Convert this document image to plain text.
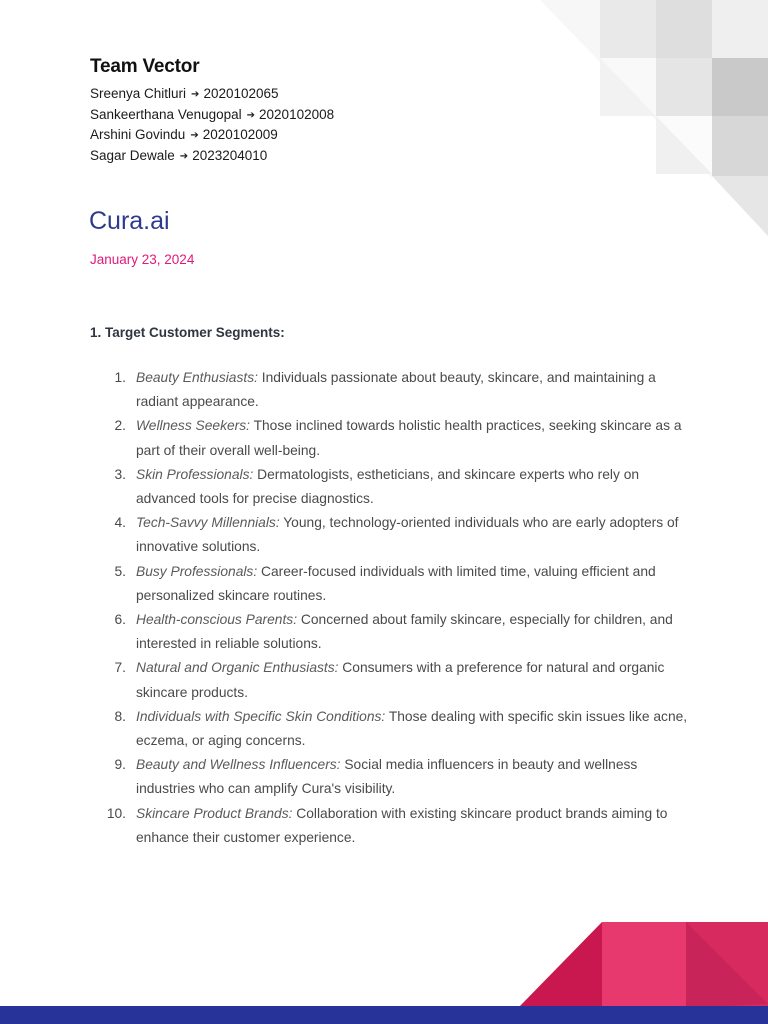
Team Vector
Sreenya Chitluri ➔ 2020102065
Sankeerthana Venugopal ➔ 2020102008
Arshini Govindu ➔ 2020102009
Sagar Dewale ➔ 2023204010
Cura.ai
January 23, 2024
1. Target Customer Segments:
1. Beauty Enthusiasts: Individuals passionate about beauty, skincare, and maintaining a radiant appearance.
2. Wellness Seekers: Those inclined towards holistic health practices, seeking skincare as a part of their overall well-being.
3. Skin Professionals: Dermatologists, estheticians, and skincare experts who rely on advanced tools for precise diagnostics.
4. Tech-Savvy Millennials: Young, technology-oriented individuals who are early adopters of innovative solutions.
5. Busy Professionals: Career-focused individuals with limited time, valuing efficient and personalized skincare routines.
6. Health-conscious Parents: Concerned about family skincare, especially for children, and interested in reliable solutions.
7. Natural and Organic Enthusiasts: Consumers with a preference for natural and organic skincare products.
8. Individuals with Specific Skin Conditions: Those dealing with specific skin issues like acne, eczema, or aging concerns.
9. Beauty and Wellness Influencers: Social media influencers in beauty and wellness industries who can amplify Cura's visibility.
10. Skincare Product Brands: Collaboration with existing skincare product brands aiming to enhance their customer experience.
